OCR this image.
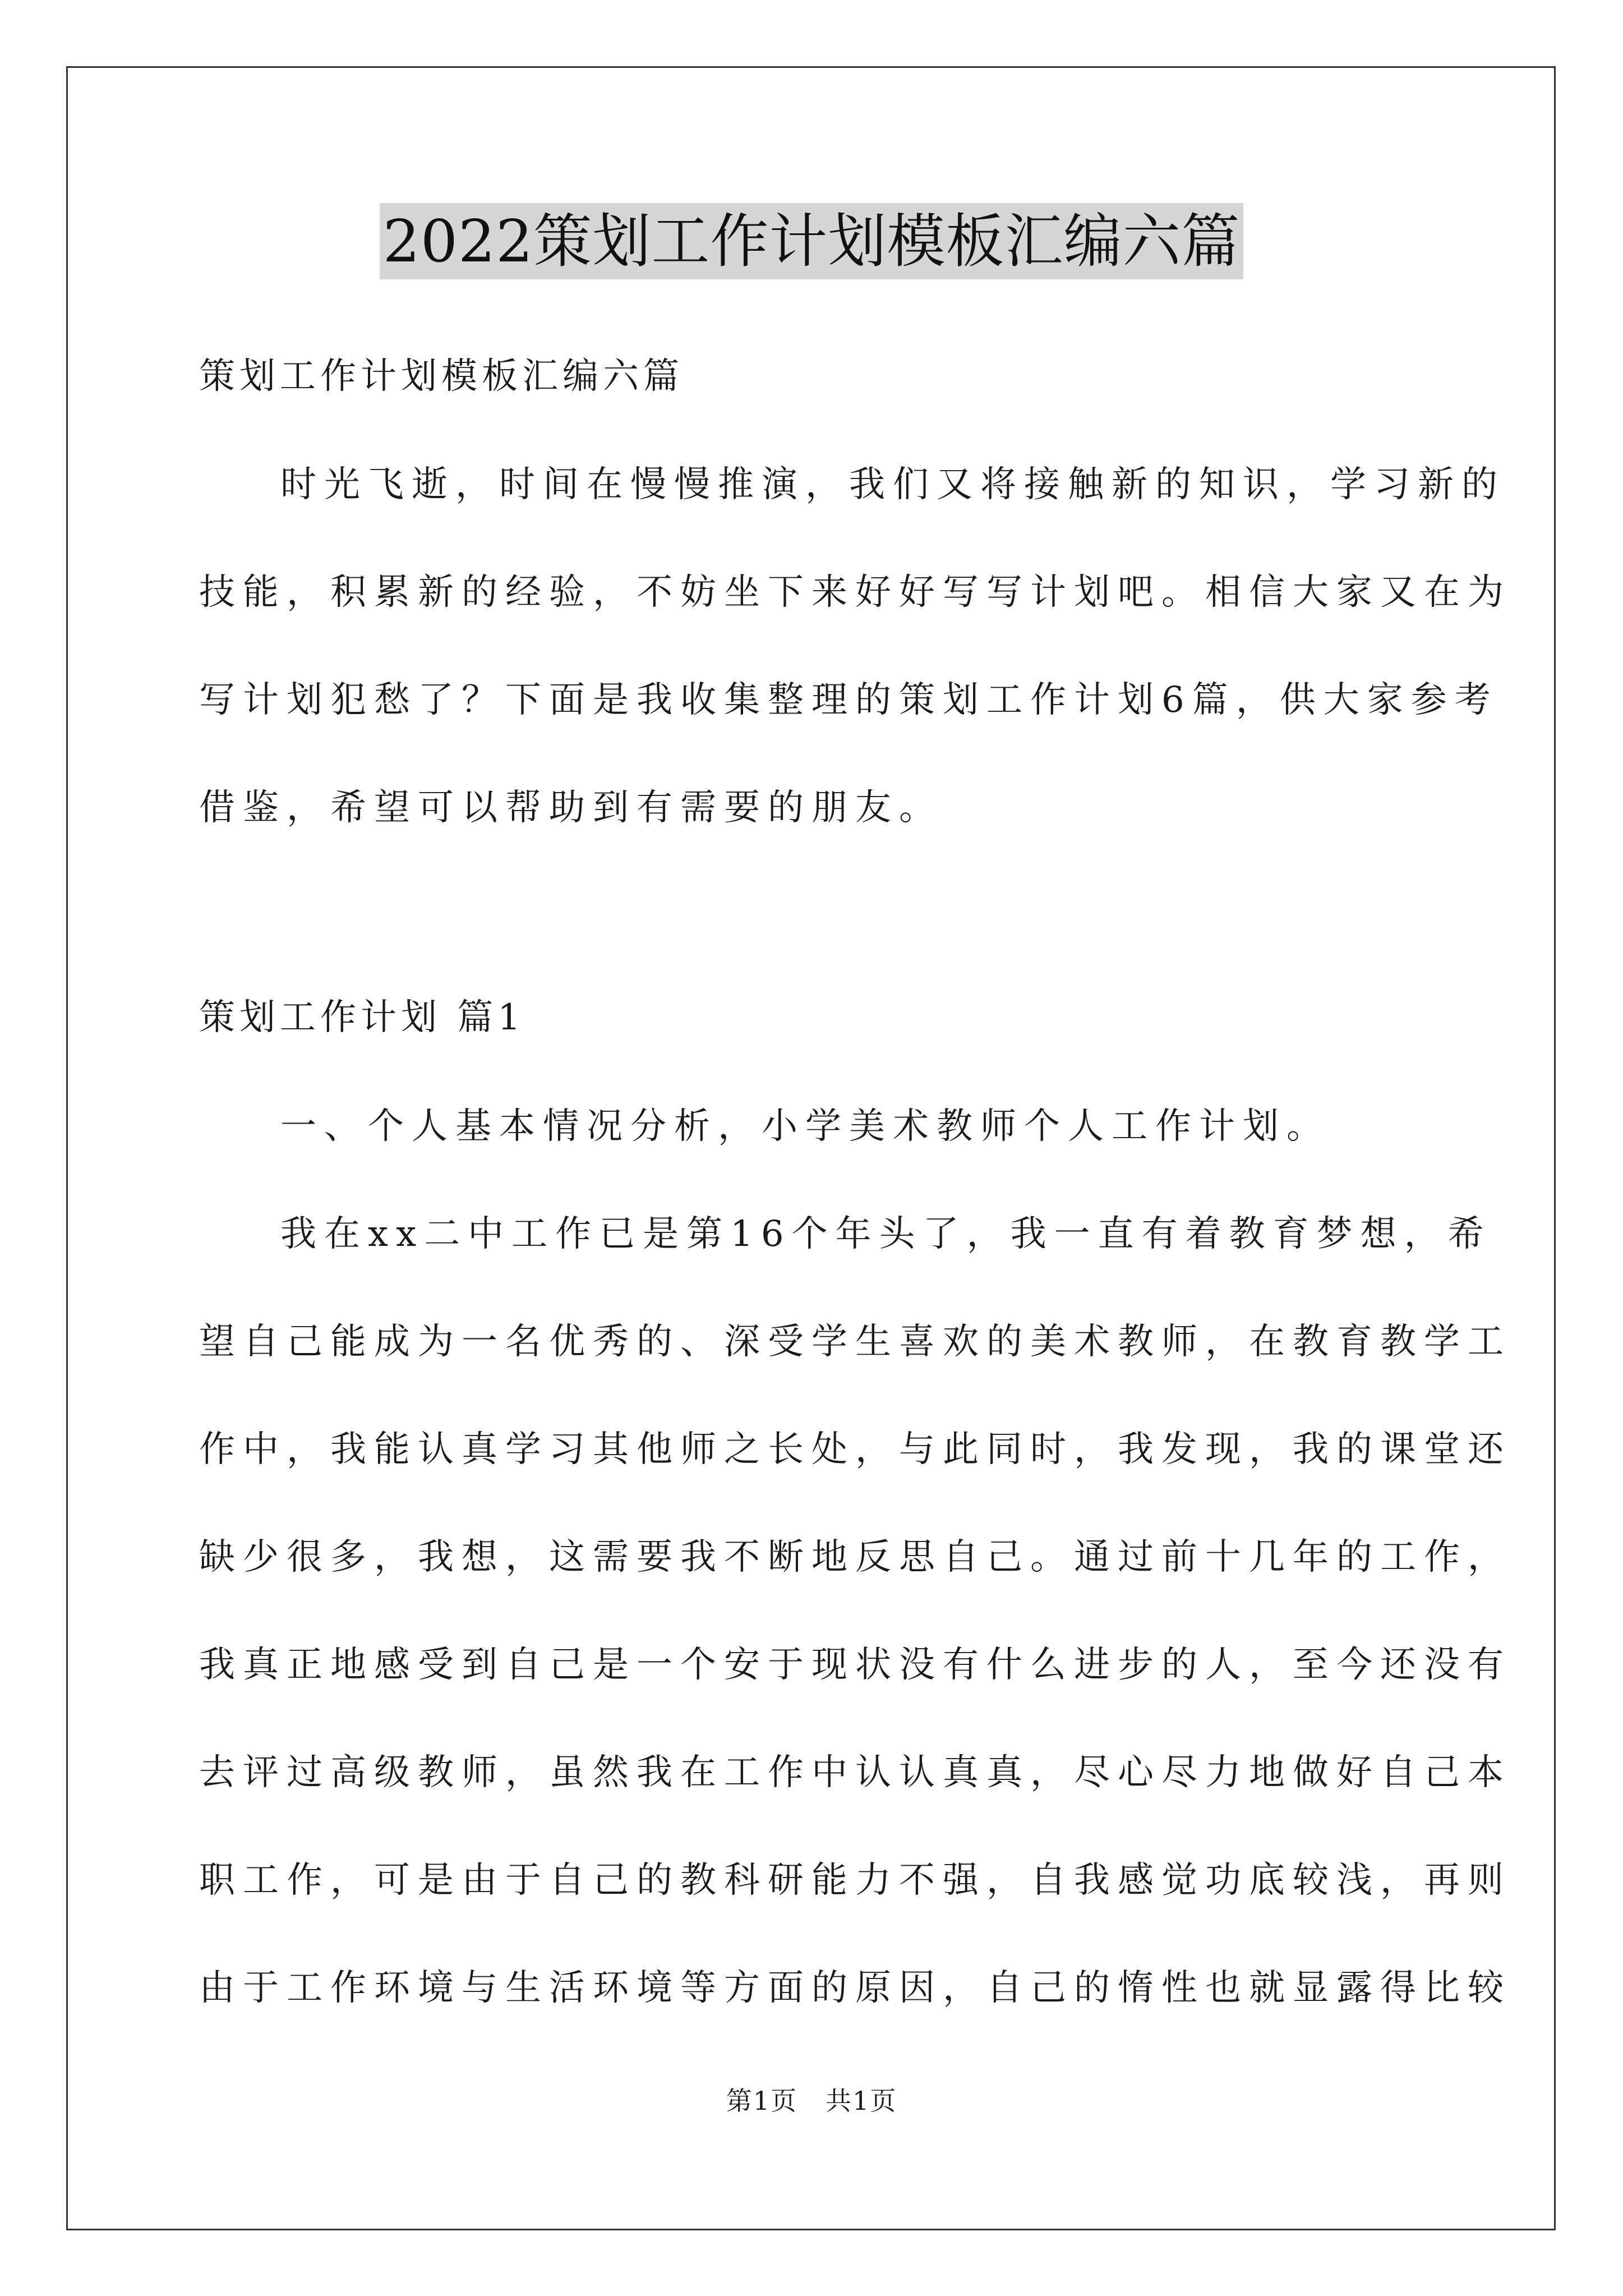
2022策划工作计划模板汇编六篇
策划工作计划模板汇编六篇
时光飞逝，时间在慢慢推演，我们又将接触新的知识，学习新的
技能，积累新的经验，不妨坐下来好好写写计划吧。相信大家又在为
写计划犯愁了？下面是我收集整理的策划工作计划6篇，供大家参考
借鉴，希望可以帮助到有需要的朋友。
策划工作计划 篇1
一、个人基本情况分析，小学美术教师个人工作计划。
我在xx二中工作已是第16个年头了，我一直有着教育梦想，希
望自己能成为一名优秀的、深受学生喜欢的美术教师，在教育教学工
作中，我能认真学习其他师之长处，与此同时，我发现，我的课堂还
缺少很多，我想，这需要我不断地反思自己。通过前十几年的工作，
我真正地感受到自己是一个安于现状没有什么进步的人，至今还没有
去评过高级教师，虽然我在工作中认认真真，尽心尽力地做好自己本
职工作，可是由于自己的教科研能力不强，自我感觉功底较浅，再则
由于工作环境与生活环境等方面的原因，自己的惰性也就显露得比较
第1页 共1页
